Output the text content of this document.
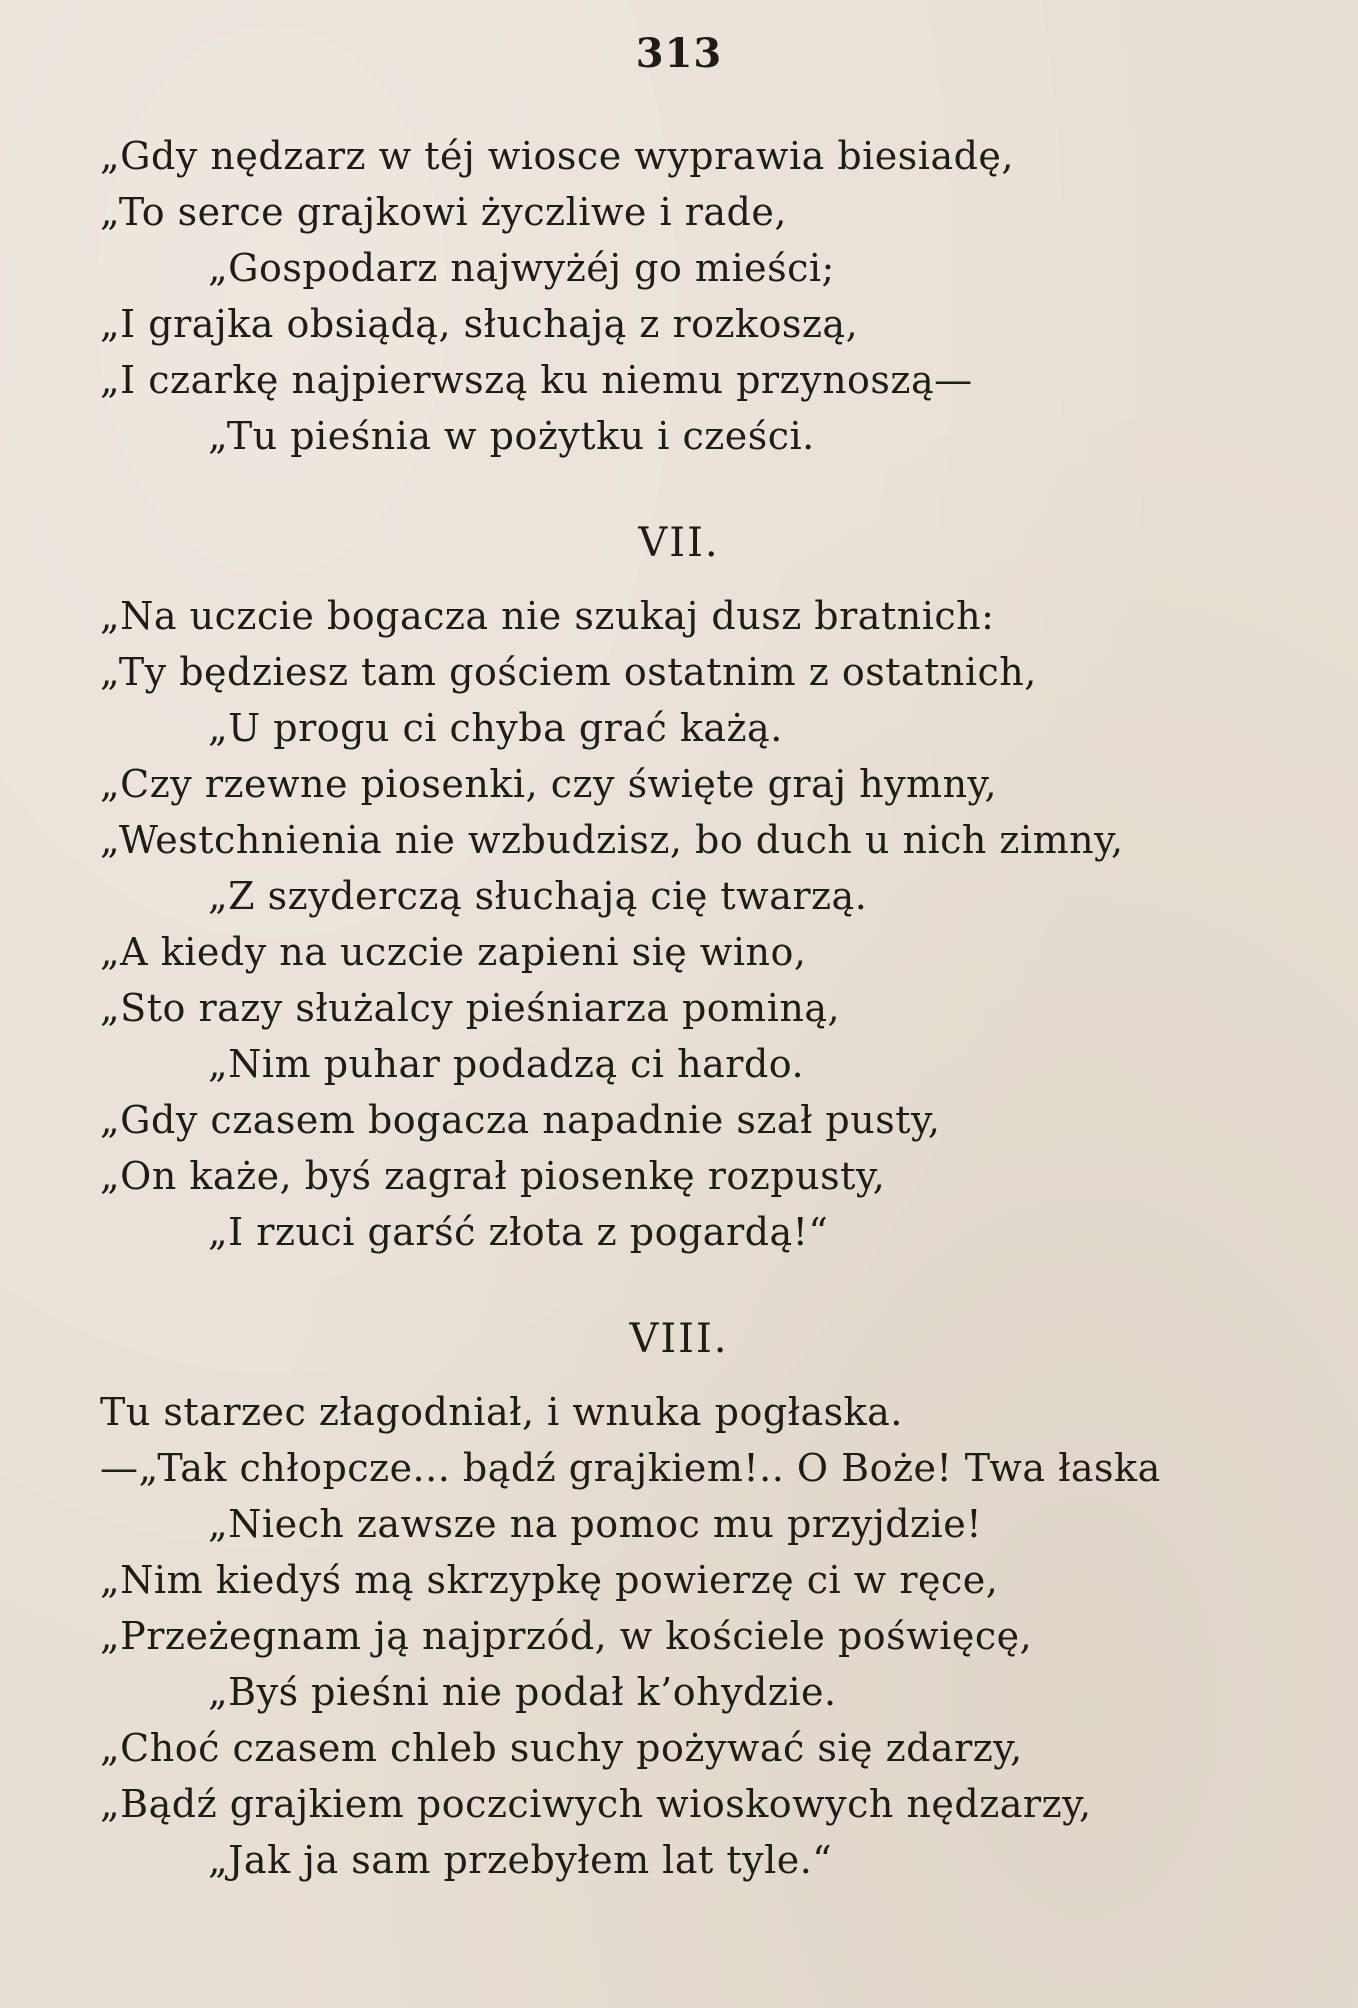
313
„Gdy nędzarz w téj wiosce wyprawia biesiadę,
„To serce grajkowi życzliwe i rade,
„Gospodarz najwyżéj go mieści;
„I grajka obsiądą, słuchają z rozkoszą,
„I czarkę najpierwszą ku niemu przynoszą—
„Tu pieśnia w pożytku i cześci.
VII.
„Na uczcie bogacza nie szukaj dusz bratnich:
„Ty będziesz tam gościem ostatnim z ostatnich,
„U progu ci chyba grać każą.
„Czy rzewne piosenki, czy święte graj hymny,
„Westchnienia nie wzbudzisz, bo duch u nich zimny,
„Z szyderczą słuchają cię twarzą.
„A kiedy na uczcie zapieni się wino,
„Sto razy służalcy pieśniarza pominą,
„Nim puhar podadzą ci hardo.
„Gdy czasem bogacza napadnie szał pusty,
„On każe, byś zagrał piosenkę rozpusty,
„I rzuci garść złota z pogardą!“
VIII.
Tu starzec złagodniał, i wnuka pogłaska.
—„Tak chłopcze... bądź grajkiem!.. O Boże! Twa łaska
„Niech zawsze na pomoc mu przyjdzie!
„Nim kiedyś mą skrzypkę powierzę ci w ręce,
„Przeżegnam ją najprzód, w kościele poświęcę,
„Byś pieśni nie podał k’ohydzie.
„Choć czasem chleb suchy pożywać się zdarzy,
„Bądź grajkiem poczciwych wioskowych nędzarzy,
„Jak ja sam przebyłem lat tyle.“
